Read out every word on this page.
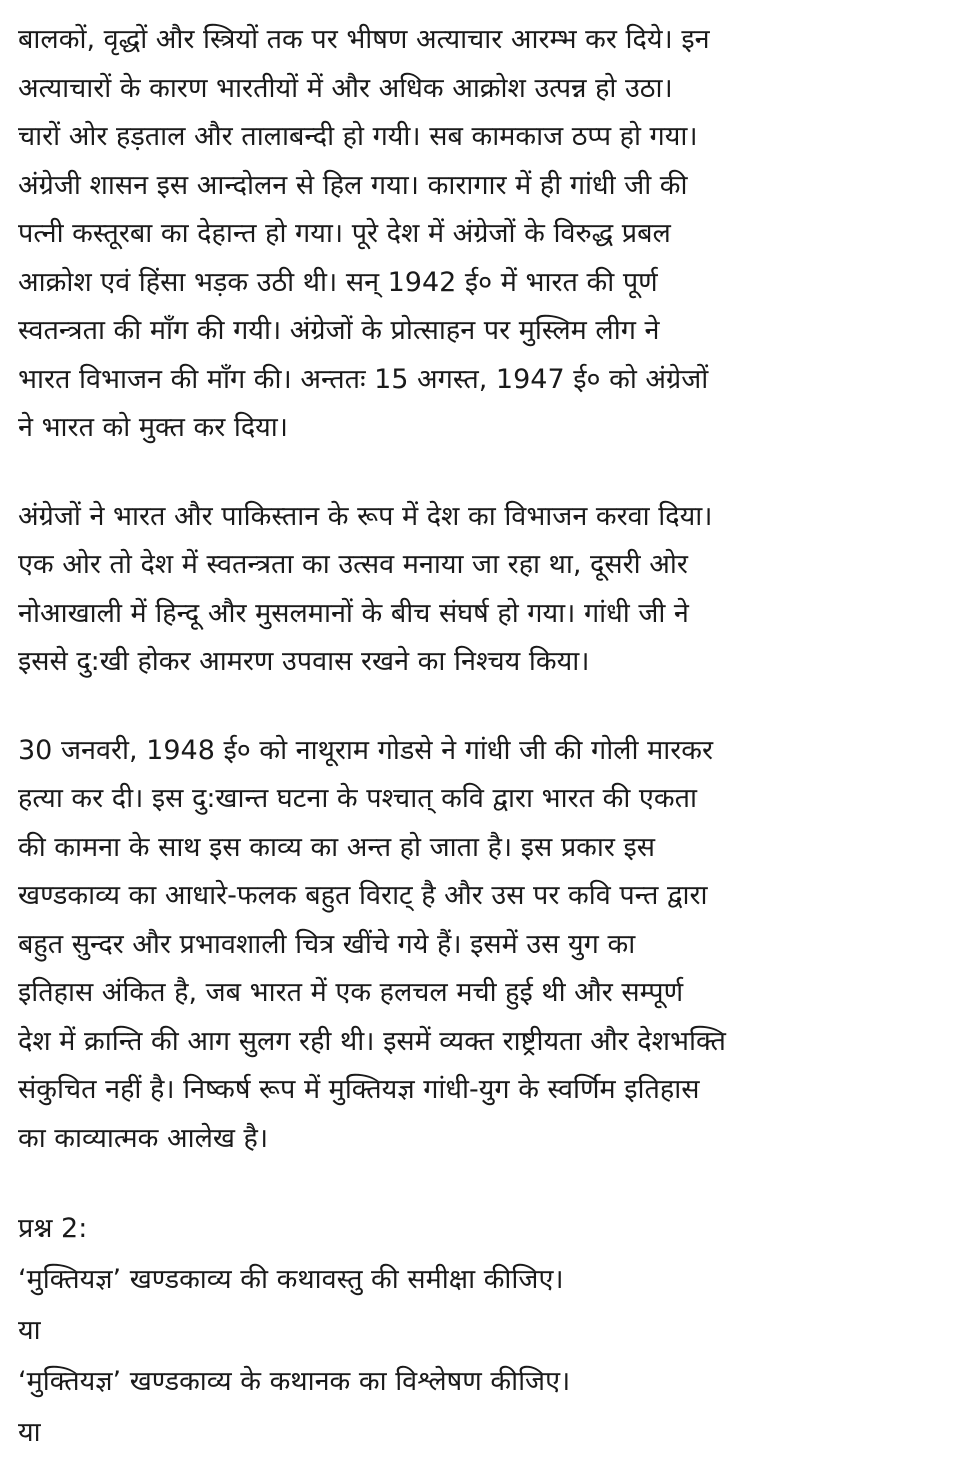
बालकों, वृद्धों और स्त्रियों तक पर भीषण अत्याचार आरम्भ कर दिये। इन
अत्याचारों के कारण भारतीयों में और अधिक आक्रोश उत्पन्न हो उठा।
चारों ओर हड़ताल और तालाबन्दी हो गयी। सब कामकाज ठप्प हो गया।
अंग्रेजी शासन इस आन्दोलन से हिल गया। कारागार में ही गांधी जी की
पत्नी कस्तूरबा का देहान्त हो गया। पूरे देश में अंग्रेजों के विरुद्ध प्रबल
आक्रोश एवं हिंसा भड़क उठी थी। सन् 1942 ई० में भारत की पूर्ण
स्वतन्त्रता की माँग की गयी। अंग्रेजों के प्रोत्साहन पर मुस्लिम लीग ने
भारत विभाजन की माँग की। अन्ततः 15 अगस्त, 1947 ई० को अंग्रेजों
ने भारत को मुक्त कर दिया।

अंग्रेजों ने भारत और पाकिस्तान के रूप में देश का विभाजन करवा दिया।
एक ओर तो देश में स्वतन्त्रता का उत्सव मनाया जा रहा था, दूसरी ओर
नोआखाली में हिन्दू और मुसलमानों के बीच संघर्ष हो गया। गांधी जी ने
इससे दु:खी होकर आमरण उपवास रखने का निश्चय किया।

30 जनवरी, 1948 ई० को नाथूराम गोडसे ने गांधी जी की गोली मारकर
हत्या कर दी। इस दु:खान्त घटना के पश्चात् कवि द्वारा भारत की एकता
की कामना के साथ इस काव्य का अन्त हो जाता है। इस प्रकार इस
खण्डकाव्य का आधारे-फलक बहुत विराट् है और उस पर कवि पन्त द्वारा
बहुत सुन्दर और प्रभावशाली चित्र खींचे गये हैं। इसमें उस युग का
इतिहास अंकित है, जब भारत में एक हलचल मची हुई थी और सम्पूर्ण
देश में क्रान्ति की आग सुलग रही थी। इसमें व्यक्त राष्ट्रीयता और देशभक्ति
संकुचित नहीं है। निष्कर्ष रूप में मुक्तियज्ञ गांधी-युग के स्वर्णिम इतिहास
का काव्यात्मक आलेख है।

प्रश्न 2:
‘मुक्तियज्ञ’ खण्डकाव्य की कथावस्तु की समीक्षा कीजिए।
या
‘मुक्तियज्ञ’ खण्डकाव्य के कथानक का विश्लेषण कीजिए।
या
